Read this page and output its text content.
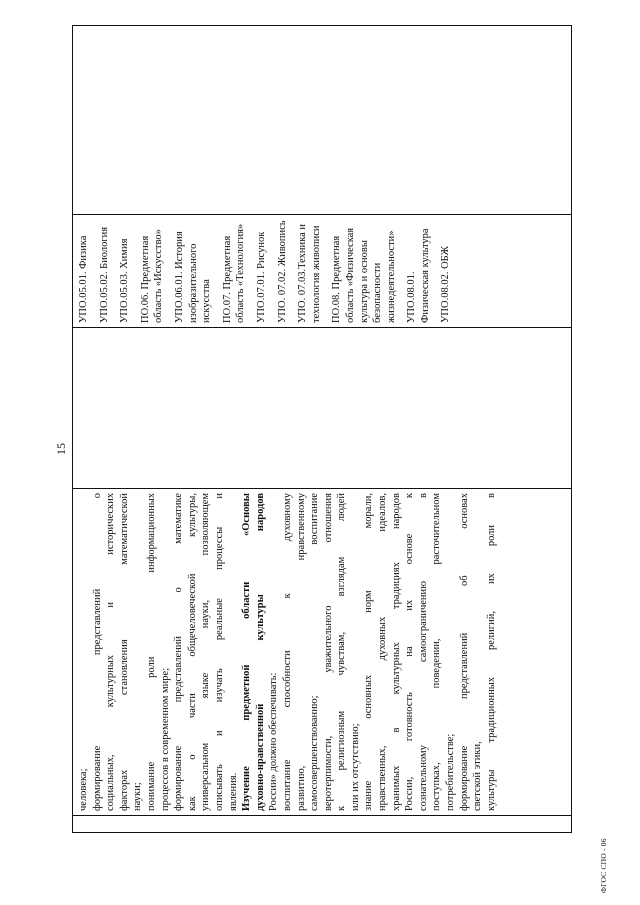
15

человека; формирование представлений о социальных, культурных и исторических факторах становления математической науки; понимание роли информационных процессов в современном мире; формирование представлений о математике как о части общечеловеческой культуры, универсальном языке науки, позволяющем описывать и изучать реальные процессы и явления. Изучение предметной области «Основы духовно-нравственной культуры народов России» должно обеспечивать: воспитание способности к духовному развитию, нравственному самосовершенствованию; воспитание веротерпимости, уважительного отношения к религиозным чувствам, взглядам людей или их отсутствию; знание основных норм морали, нравственных, духовных идеалов, хранимых в культурных традициях народов России, готовность на их основе к сознательному самоограничению в поступках, поведении, расточительном потребительстве; формирование представлений об основах светской этики, культуры традиционных религий, их роли в

УПО.05.01. Физика УПО.05.02. Биология УПО.05.03. Химия ПО.06. Предметная область «Искусство» УПО.06.01. История изобразительного искусства ПО.07. Предметная область «Технология» УПО.07.01. Рисунок УПО. 07.02. Живопись УПО. 07.03.Техника и технология живописи ПО.08. Предметная область «Физическая культура и основы безопасности жизнедеятельности» УПО.08.01. Физическая культура УПО.08.02. ОБЖ

ФГОС СПО - 06
